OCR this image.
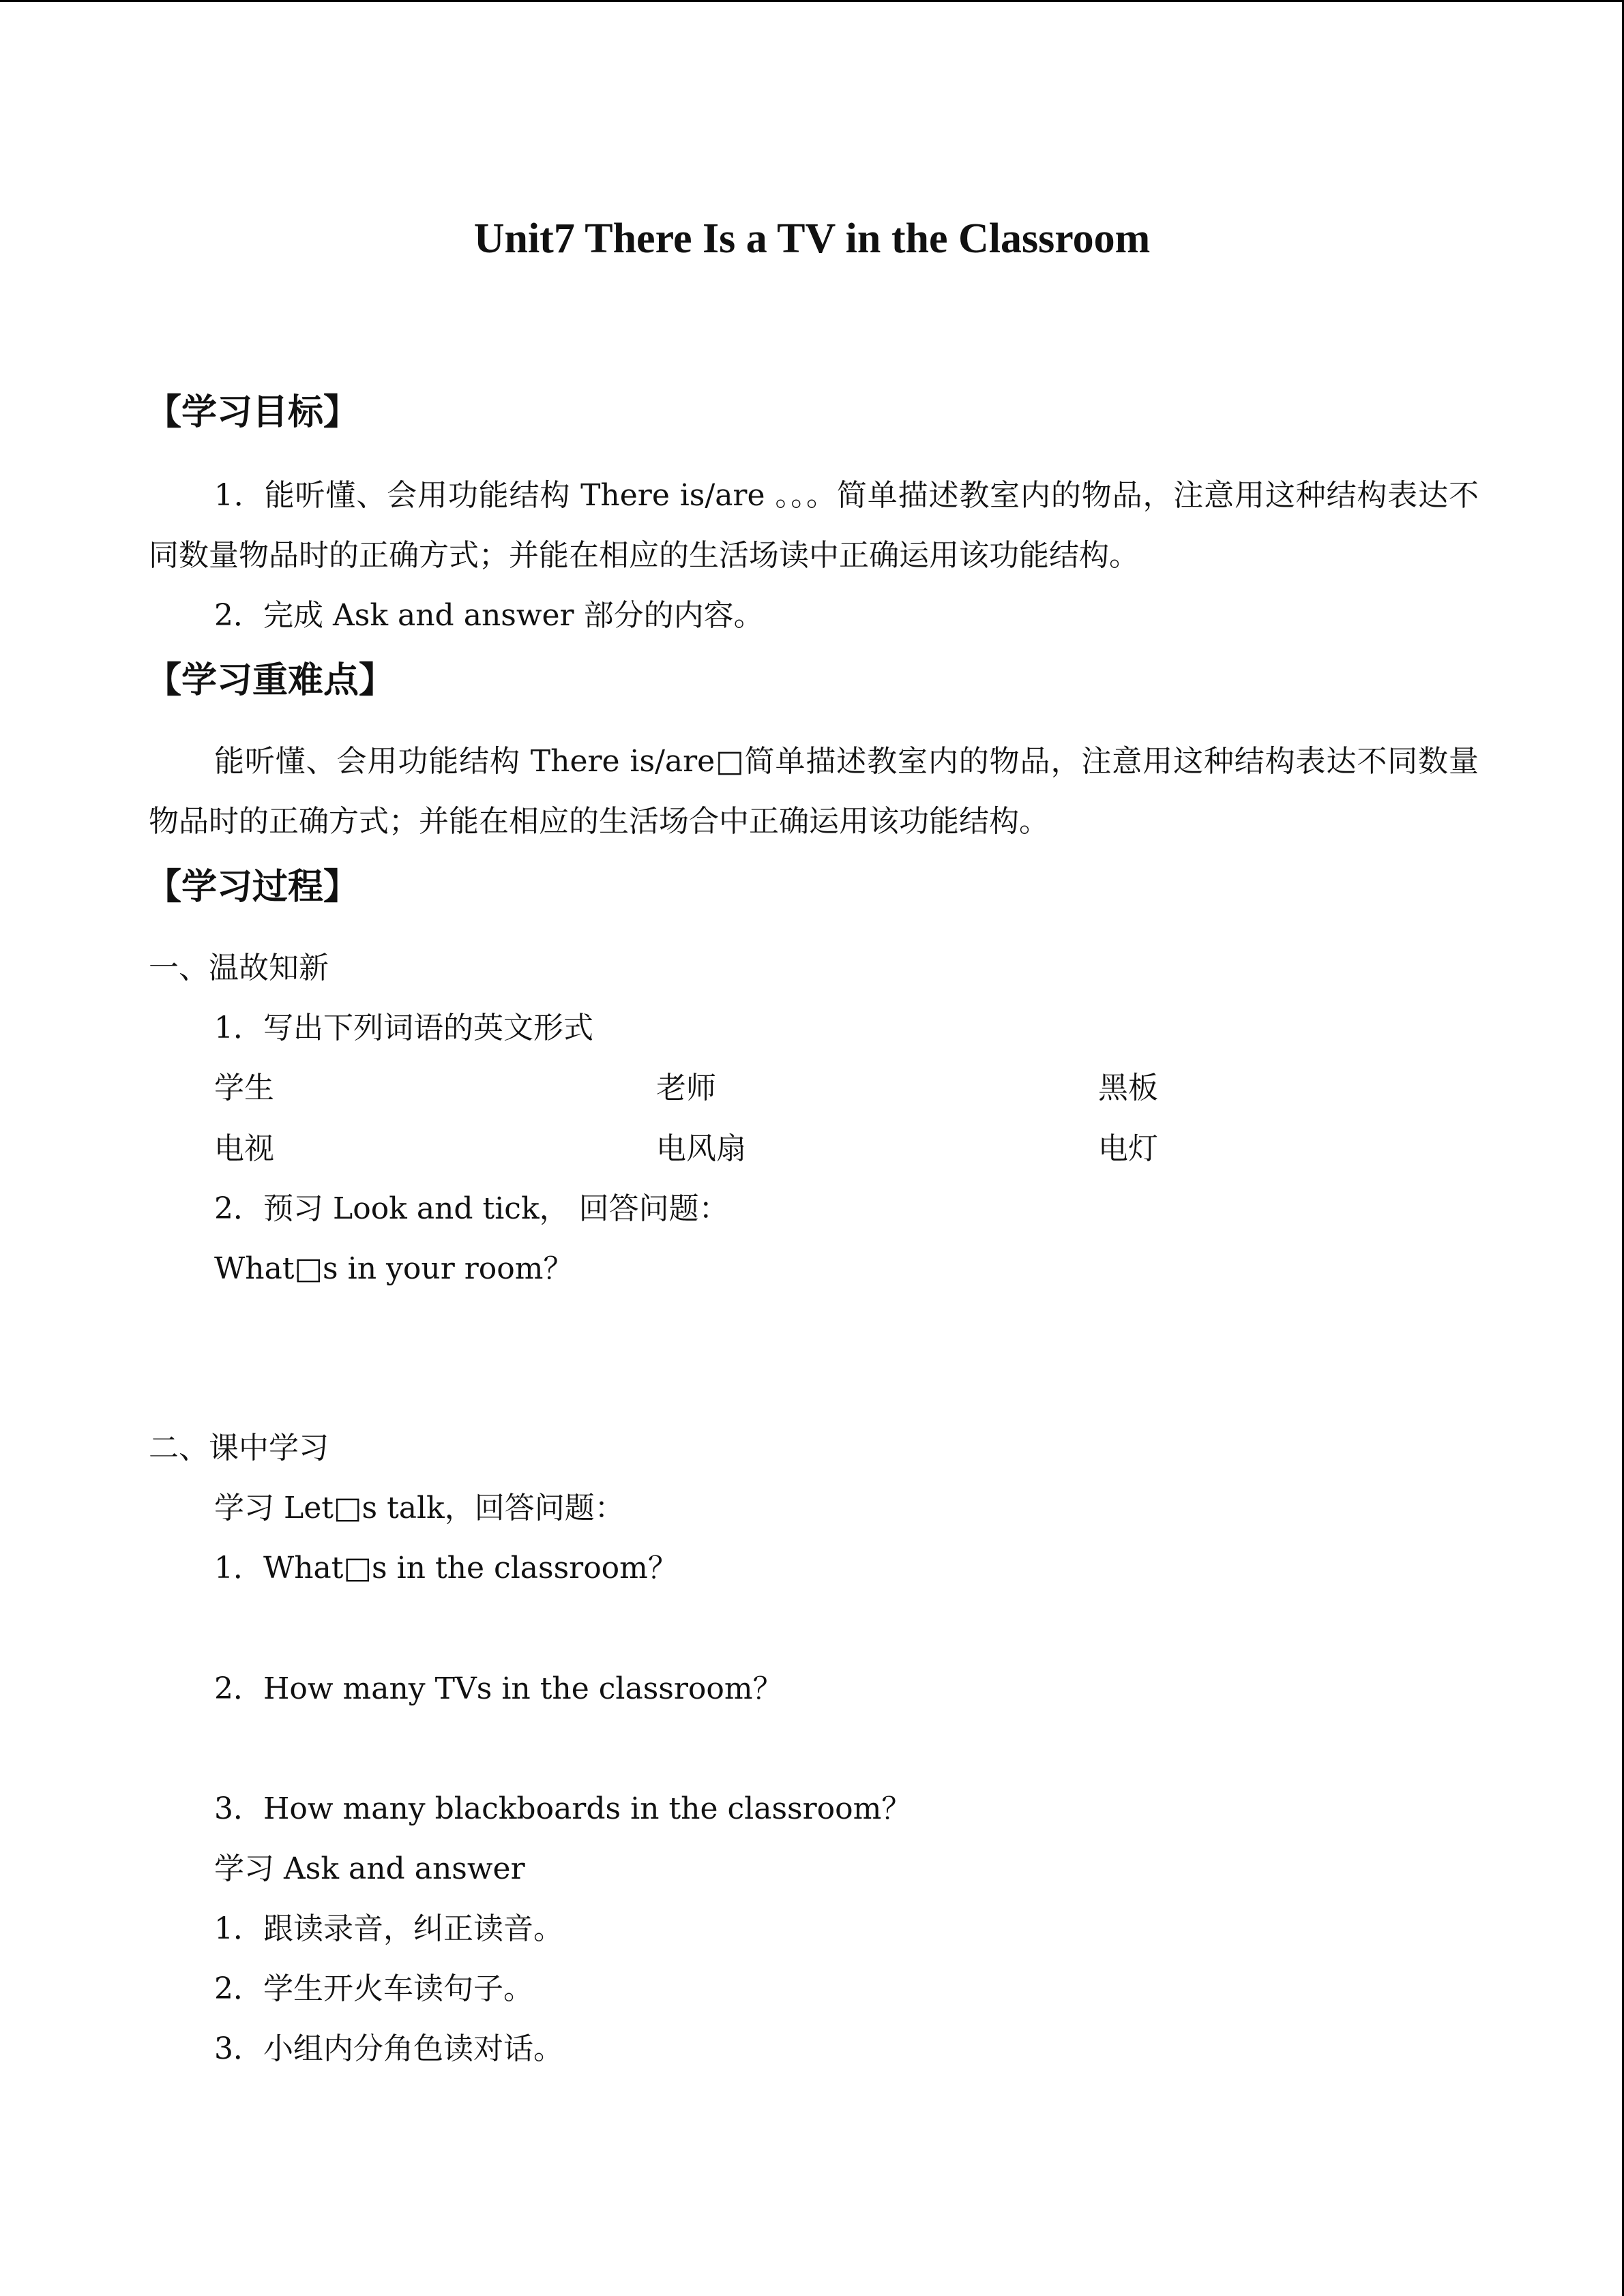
Unit7 There Is a TV in the Classroom
【学习目标】
1．能听懂、会用功能结构 There is/are 。。。简单描述教室内的物品，注意用这种结构表达不同数量物品时的正确方式；并能在相应的生活场读中正确运用该功能结构。
2．完成 Ask and answer 部分的内容。
【学习重难点】
能听懂、会用功能结构 There is/are□简单描述教室内的物品，注意用这种结构表达不同数量物品时的正确方式；并能在相应的生活场合中正确运用该功能结构。
【学习过程】
一、温故知新
1．写出下列词语的英文形式
学生	老师	黑板
电视	电风扇	电灯
2．预习 Look and tick， 回答问题：
What□s in your room？
二、课中学习
学习 Let□s talk，回答问题：
1．What□s in the classroom？
2．How many TVs in the classroom？
3．How many blackboards in the classroom？
学习 Ask and answer
1．跟读录音，纠正读音。
2．学生开火车读句子。
3．小组内分角色读对话。
